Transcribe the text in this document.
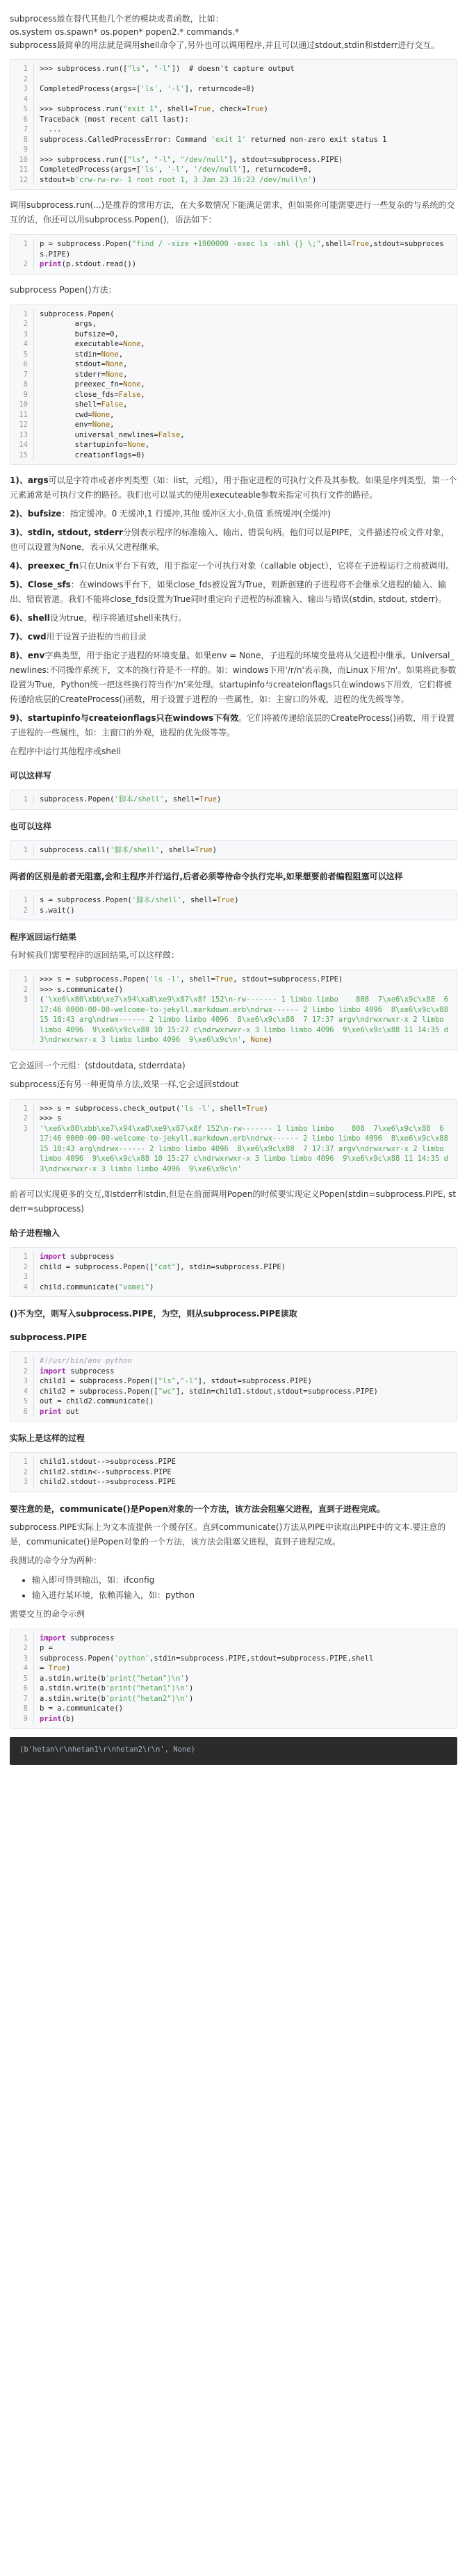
subprocess最在替代其他几个老的模块或者函数，比如：

os.system os.spawn* os.popen* popen2.* commands.*

subprocess最简单的用法就是调用shell命令了,另外也可以调用程序,并且可以通过stdout,stdin和stderr进行交互。

1	>>> subprocess.run(["ls", "-l"])  # doesn't capture output
2
3	CompletedProcess(args=['ls', '-l'], returncode=0)
4
5	>>> subprocess.run("exit 1", shell=True, check=True)
6	Traceback (most recent call last):
7	...
8	subprocess.CalledProcessError: Command 'exit 1' returned non-zero exit status 1
9
10	>>> subprocess.run(["ls", "-l", "/dev/null"], stdout=subprocess.PIPE)
11	CompletedProcess(args=['ls', '-l', '/dev/null'], returncode=0,
12	stdout=b'crw-rw-rw- 1 root root 1, 3 Jan 23 16:23 /dev/null\n')

调用subprocess.run(...)是推荐的常用方法，在大多数情况下能满足需求，但如果你可能需要进行一些复杂的与系统的交互的话，你还可以用subprocess.Popen()，语法如下：

1	p = subprocess.Popen("find / -size +1000000 -exec ls -shl {} \;",shell=True,stdout=subprocess.PIPE)
2	print(p.stdout.read())

subprocess Popen()方法：

1	subprocess.Popen(
2	args,
3	bufsize=0,
4	executable=None,
5	stdin=None,
6	stdout=None,
7	stderr=None,
8	preexec_fn=None,
9	close_fds=False,
10	shell=False,
11	cwd=None,
12	env=None,
13	universal_newlines=False,
14	startupinfo=None,
15	creationflags=0)

1)、args可以是字符串或者序列类型（如：list，元组），用于指定进程的可执行文件及其参数。如果是序列类型，第一个元素通常是可执行文件的路径。我们也可以显式的使用executeable参数来指定可执行文件的路径。

2)、bufsize：指定缓冲。0 无缓冲,1 行缓冲,其他 缓冲区大小,负值 系统缓冲(全缓冲)

3)、stdin, stdout, stderr分别表示程序的标准输入、输出、错误句柄。他们可以是PIPE，文件描述符或文件对象，也可以设置为None，表示从父进程继承。

4)、preexec_fn只在Unix平台下有效，用于指定一个可执行对象（callable object），它将在子进程运行之前被调用。

5)、Close_sfs：在windows平台下，如果close_fds被设置为True，则新创建的子进程将不会继承父进程的输入、输出、错误管道。我们不能将close_fds设置为True同时重定向子进程的标准输入、输出与错误(stdin, stdout, stderr)。

6)、shell设为true，程序将通过shell来执行。

7)、cwd用于设置子进程的当前目录

8)、env字典类型，用于指定子进程的环境变量。如果env = None，子进程的环境变量将从父进程中继承。Universal_newlines:不同操作系统下，文本的换行符是不一样的。如：windows下用'/r/n'表示换，而Linux下用'/n'。如果将此参数设置为True，Python统一把这些换行符当作'/n'来处理。startupinfo与createionflags只在windows下用效，它们将被传递给底层的CreateProcess()函数，用于设置子进程的一些属性，如：主窗口的外观，进程的优先级等等。

9)、startupinfo与createionflags只在windows下有效。它们将被传递给底层的CreateProcess()函数，用于设置子进程的一些属性，如：主窗口的外观，进程的优先级等等。

在程序中运行其他程序或shell

可以这样写
1	subprocess.Popen('脚本/shell', shell=True)
也可以这样
1	subprocess.call('脚本/shell', shell=True)
两者的区别是前者无阻塞,会和主程序并行运行,后者必须等待命令执行完毕,如果想要前者编程阻塞可以这样
1	s = subprocess.Popen('脚本/shell', shell=True)
2	s.wait()
程序返回运行结果

有时候我们需要程序的返回结果,可以这样做：

1	>>> s = subprocess.Popen('ls -l', shell=True, stdout=subprocess.PIPE)
2	>>> s.communicate()
3	('\xe6\x80\xbb\xe7\x94\xa8\xe9\x87\x8f 152\n-rw------- 1 limbo limbo    808  7\xe6\x9c\x88  6 17:46 0000-00-00-welcome-to-jekyll.markdown.erb\ndrwx------ 2 limbo limbo 4096  8\xe6\x9c\x88 15 18:43 arg\ndrwx------ 2 limbo limbo 4096  8\xe6\x9c\x88  7 17:37 argv\ndrwxrwxr-x 2 limbo limbo 4096  9\xe6\x9c\x88 10 15:27 c\ndrwxrwxr-x 3 limbo limbo 4096  9\xe6\x9c\x88 11 14:35 d3\ndrwxrwxr-x 3 limbo limbo 4096  9\xe6\x9c\n', None)

它会返回一个元组：(stdoutdata, stderrdata)

subprocess还有另一种更简单方法,效果一样,它会返回stdout

1	>>> s = subprocess.check_output('ls -l', shell=True)
2	>>> s
3	'\xe6\x80\xbb\xe7\x94\xa8\xe9\x87\x8f 152\n-rw------- 1 limbo limbo    808  7\xe6\x9c\x88  6 17:46 0000-00-00-welcome-to-jekyll.markdown.erb\ndrwx------ 2 limbo limbo 4096  8\xe6\x9c\x88 15 18:43 arg\ndrwx------ 2 limbo limbo 4096  8\xe6\x9c\x88  7 17:37 argv\ndrwxrwxr-x 2 limbo limbo 4096  9\xe6\x9c\x88 10 15:27 c\ndrwxrwxr-x 3 limbo limbo 4096  9\xe6\x9c\x88 11 14:35 d3\ndrwxrwxr-x 3 limbo limbo 4096  9\xe6\x9c\n'

前者可以实现更多的交互,如stderr和stdin,但是在前面调用Popen的时候要实现定义Popen(stdin=subprocess.PIPE, stderr=subprocess)

给子进程输入
1	import subprocess
2	child = subprocess.Popen(["cat"], stdin=subprocess.PIPE)
3
4	child.communicate("vamei")
()不为空，则写入subprocess.PIPE，为空，则从subprocess.PIPE读取
subprocess.PIPE
1	#!/usr/bin/env python
2	import subprocess
3	child1 = subprocess.Popen(["ls","-l"], stdout=subprocess.PIPE)
4	child2 = subprocess.Popen(["wc"], stdin=child1.stdout,stdout=subprocess.PIPE)
5	out = child2.communicate()
6	print out
实际上是这样的过程
1	child1.stdout-->subprocess.PIPE
2	child2.stdin<--subprocess.PIPE
3	child2.stdout-->subprocess.PIPE
要注意的是，communicate()是Popen对象的一个方法，该方法会阻塞父进程，直到子进程完成。

subprocess.PIPE实际上为文本流提供一个缓存区。直到communicate()方法从PIPE中读取出PIPE中的文本.要注意的是，communicate()是Popen对象的一个方法，该方法会阻塞父进程，直到子进程完成。

我测试的命令分为两种：

• 输入即可得到输出，如：ifconfig
• 输入进行某环境，依赖再输入，如：python

需要交互的命令示例

1	import subprocess
2	p =
3	subprocess.Popen('python',stdin=subprocess.PIPE,stdout=subprocess.PIPE,shell
4	= True)
5	a.stdin.write(b'print("hetan")\n')
6	a.stdin.write(b'print("hetan1")\n')
7	a.stdin.write(b'print("hetan2")\n')
8	b = a.communicate()
9	print(b)
(b'hetan\r\nhetan1\r\nhetan2\r\n', None)
